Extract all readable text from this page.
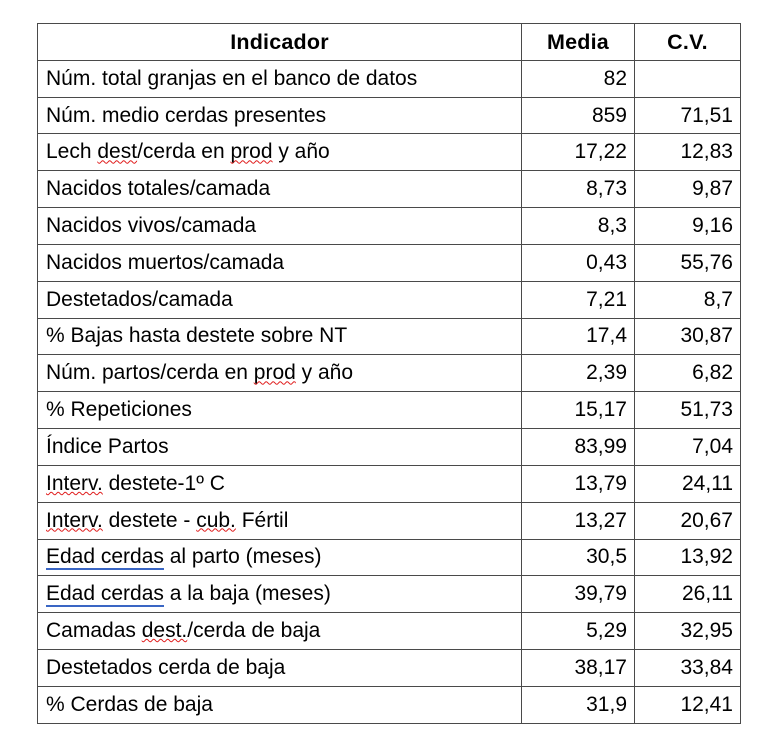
Indicador	Media	C.V.
Núm. total granjas en el banco de datos	82	
Núm. medio cerdas presentes	859	71,51
Lech dest/cerda en prod y año	17,22	12,83
Nacidos totales/camada	8,73	9,87
Nacidos vivos/camada	8,3	9,16
Nacidos muertos/camada	0,43	55,76
Destetados/camada	7,21	8,7
% Bajas hasta destete sobre NT	17,4	30,87
Núm. partos/cerda en prod y año	2,39	6,82
% Repeticiones	15,17	51,73
Índice Partos	83,99	7,04
Interv. destete-1º C	13,79	24,11
Interv. destete - cub. Fértil	13,27	20,67
Edad cerdas al parto (meses)	30,5	13,92
Edad cerdas a la baja (meses)	39,79	26,11
Camadas dest./cerda de baja	5,29	32,95
Destetados cerda de baja	38,17	33,84
% Cerdas de baja	31,9	12,41
